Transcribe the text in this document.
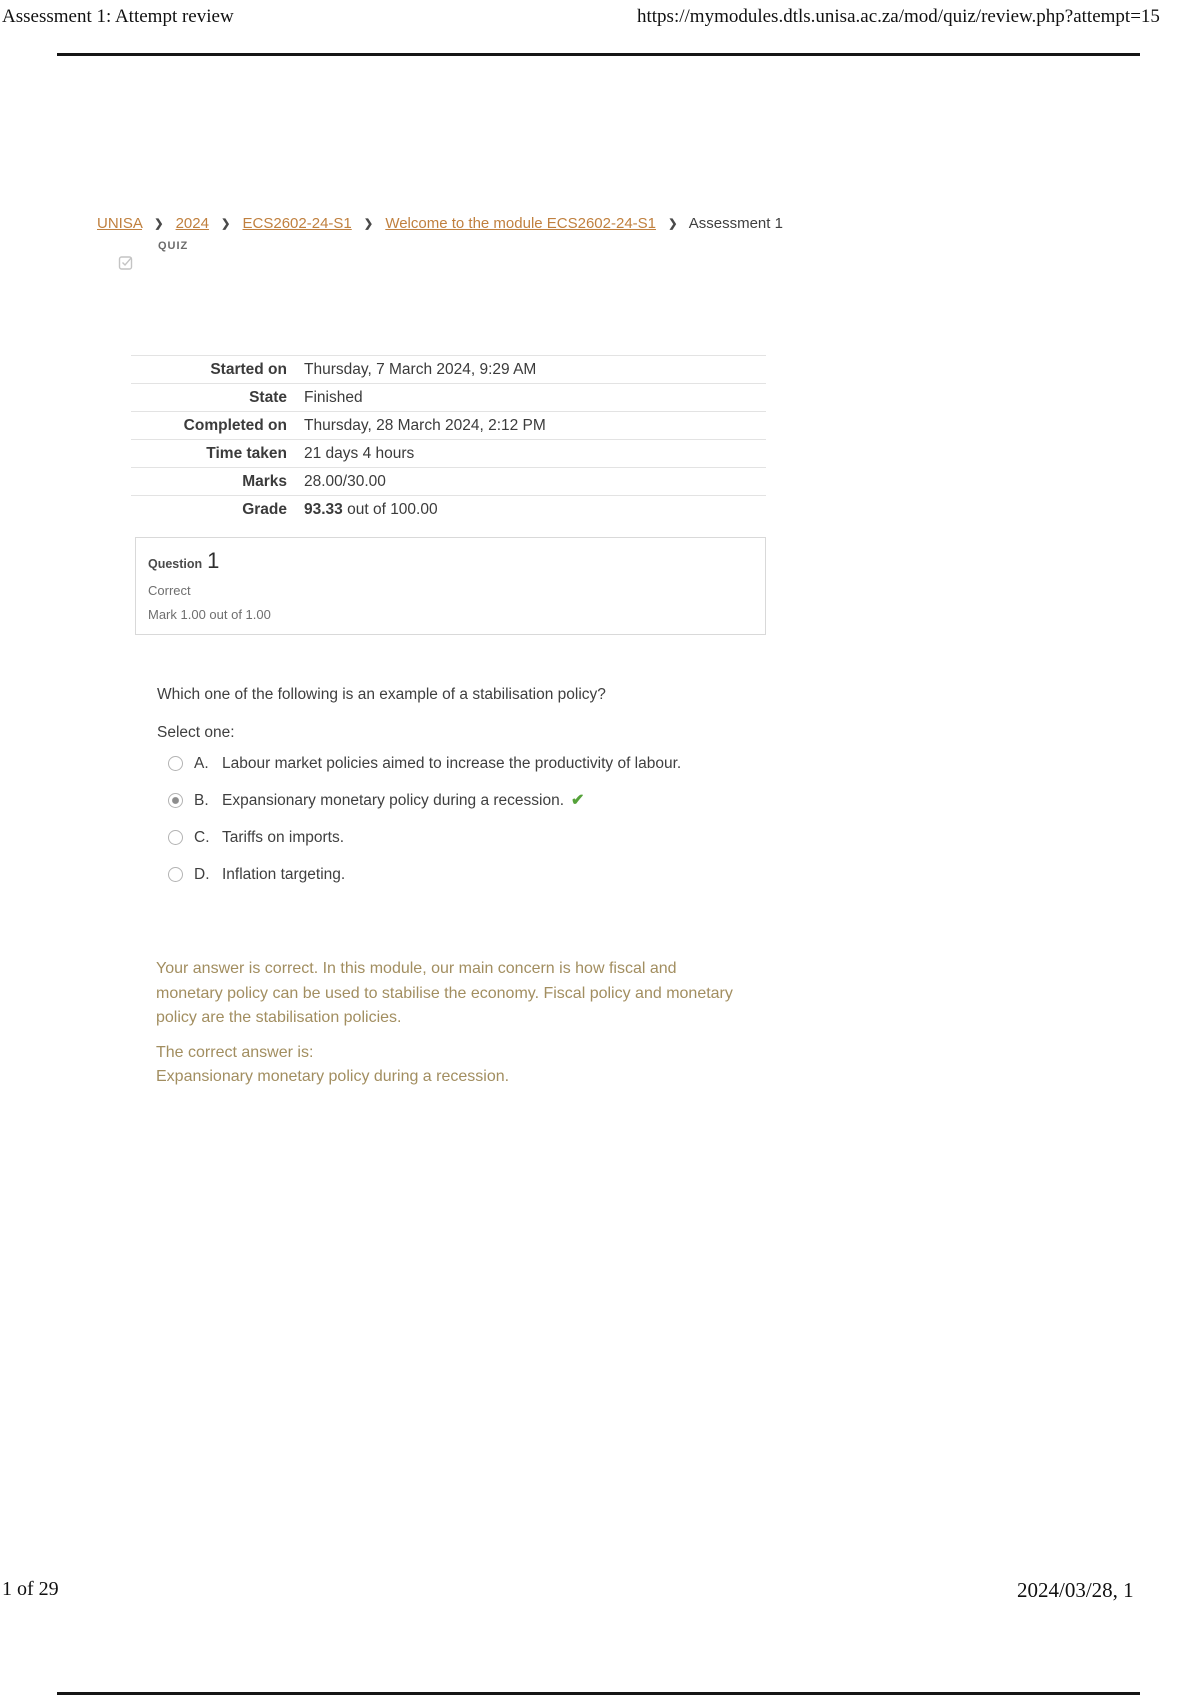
Assessment 1: Attempt review	https://mymodules.dtls.unisa.ac.za/mod/quiz/review.php?attempt=15
UNISA ❯ 2024 ❯ ECS2602-24-S1 ❯ Welcome to the module ECS2602-24-S1 ❯ Assessment 1
QUIZ
Started on	Thursday, 7 March 2024, 9:29 AM
State	Finished
Completed on	Thursday, 28 March 2024, 2:12 PM
Time taken	21 days 4 hours
Marks	28.00/30.00
Grade	93.33 out of 100.00
Question 1
Correct
Mark 1.00 out of 1.00
Which one of the following is an example of a stabilisation policy?
Select one:
A. Labour market policies aimed to increase the productivity of labour.
B. Expansionary monetary policy during a recession. ✔
C. Tariffs on imports.
D. Inflation targeting.

Your answer is correct. In this module, our main concern is how fiscal and monetary policy can be used to stabilise the economy. Fiscal policy and monetary policy are the stabilisation policies.

The correct answer is:
Expansionary monetary policy during a recession.
1 of 29	2024/03/28, 1
